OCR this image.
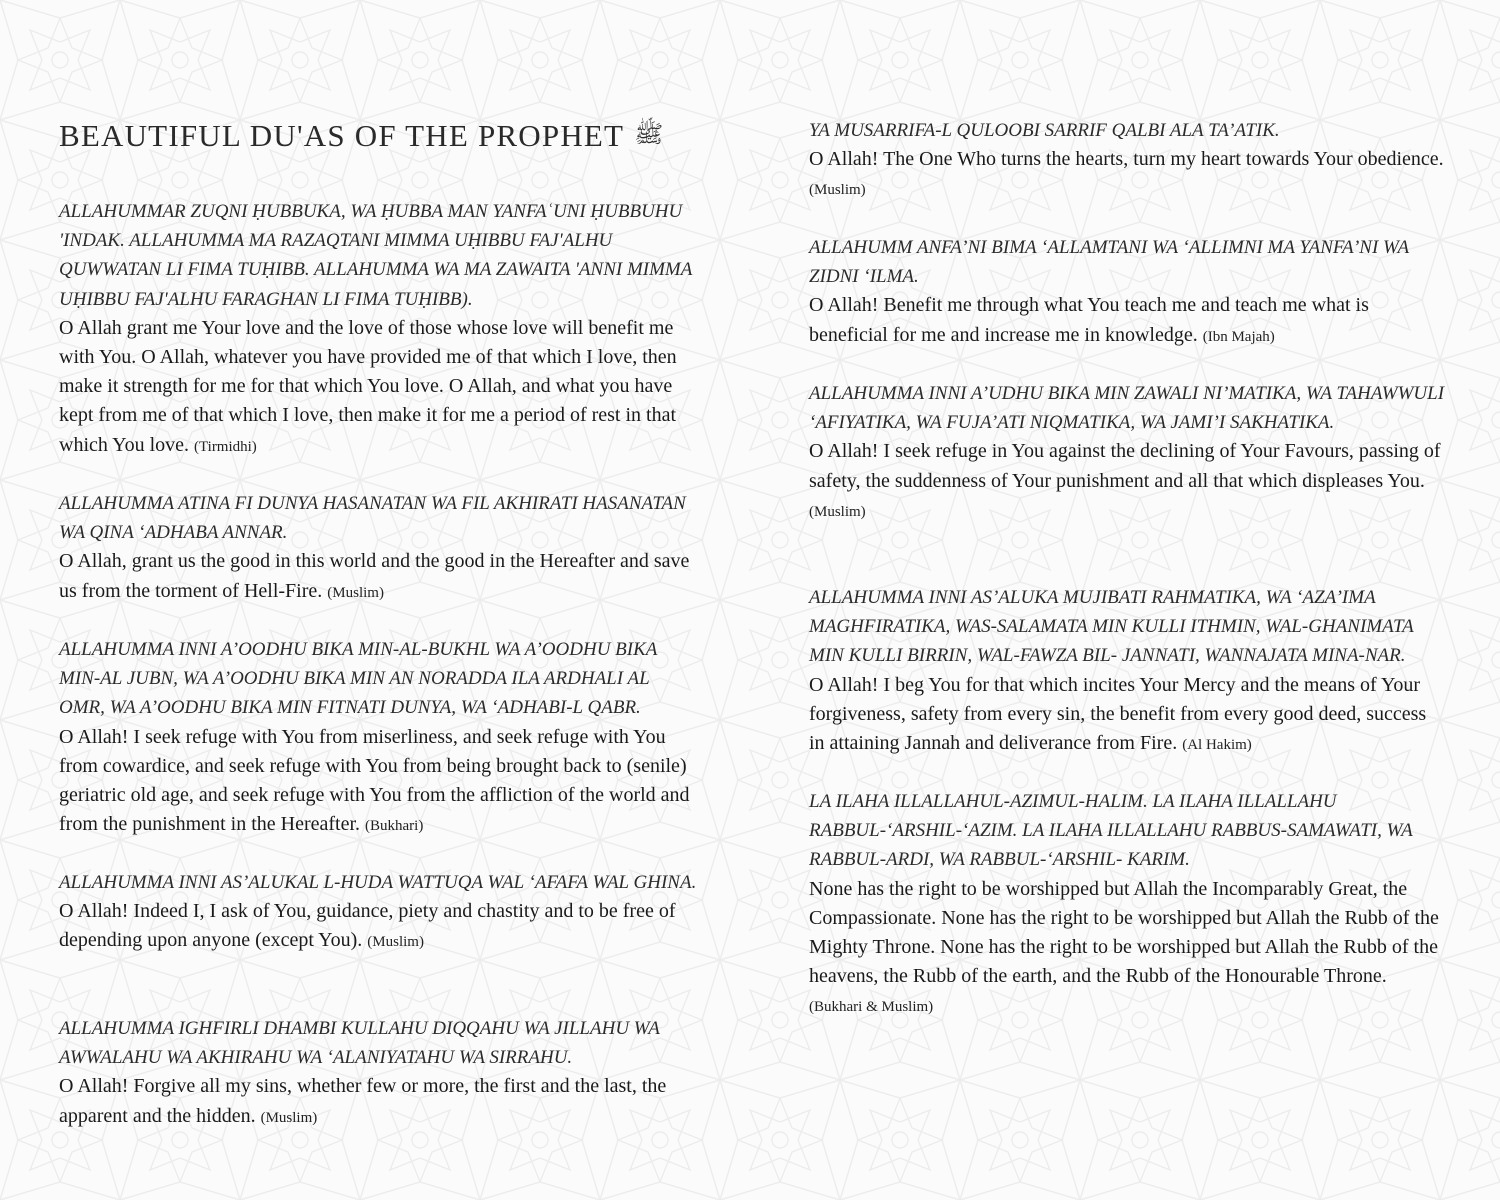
BEAUTIFUL DU'AS OF THE PROPHET ﷺ

ALLAHUMMAR ZUQNI ḤUBBUKA, WA ḤUBBA MAN YANFAʿUNI ḤUBBUHU 'INDAK. ALLAHUMMA MA RAZAQTANI MIMMA UḤIBBU FAJ'ALHU QUWWATAN LI FIMA TUḤIBB. ALLAHUMMA WA MA ZAWAITA 'ANNI MIMMA UḤIBBU FAJ'ALHU FARAGHAN LI FIMA TUḤIBB).

O Allah grant me Your love and the love of those whose love will benefit me with You. O Allah, whatever you have provided me of that which I love, then make it strength for me for that which You love. O Allah, and what you have kept from me of that which I love, then make it for me a period of rest in that which You love. (Tirmidhi)

ALLAHUMMA ATINA FI DUNYA HASANATAN WA FIL AKHIRATI HASANATAN WA QINA ‘ADHABA ANNAR.

O Allah, grant us the good in this world and the good in the Hereafter and save us from the torment of Hell-Fire. (Muslim)

ALLAHUMMA INNI A’OODHU BIKA MIN-AL-BUKHL WA A’OODHU BIKA MIN-AL JUBN, WA A’OODHU BIKA MIN AN NORADDA ILA ARDHALI AL OMR, WA A’OODHU BIKA MIN FITNATI DUNYA, WA ‘ADHABI-L QABR.

O Allah! I seek refuge with You from miserliness, and seek refuge with You from cowardice, and seek refuge with You from being brought back to (senile) geriatric old age, and seek refuge with You from the affliction of the world and from the punishment in the Hereafter. (Bukhari)

ALLAHUMMA INNI AS’ALUKAL L-HUDA WATTUQA WAL ‘AFAFA WAL GHINA.

O Allah! Indeed I, I ask of You, guidance, piety and chastity and to be free of depending upon anyone (except You). (Muslim)

ALLAHUMMA IGHFIRLI DHAMBI KULLAHU DIQQAHU WA JILLAHU WA AWWALAHU WA AKHIRAHU WA ‘ALANIYATAHU WA SIRRAHU.

O Allah! Forgive all my sins, whether few or more, the first and the last, the apparent and the hidden. (Muslim)

YA MUSARRIFA-L QULOOBI SARRIF QALBI ALA TA’ATIK.

O Allah! The One Who turns the hearts, turn my heart towards Your obedience. (Muslim)

ALLAHUMM ANFA’NI BIMA ‘ALLAMTANI WA ‘ALLIMNI MA YANFA’NI WA ZIDNI ‘ILMA.

O Allah! Benefit me through what You teach me and teach me what is beneficial for me and increase me in knowledge. (Ibn Majah)

ALLAHUMMA INNI A’UDHU BIKA MIN ZAWALI NI’MATIKA, WA TAHAWWULI ‘AFIYATIKA, WA FUJA’ATI NIQMATIKA, WA JAMI’I SAKHATIKA.

O Allah! I seek refuge in You against the declining of Your Favours, passing of safety, the suddenness of Your punishment and all that which displeases You. (Muslim)

ALLAHUMMA INNI AS’ALUKA MUJIBATI RAHMATIKA, WA ‘AZA’IMA MAGHFIRATIKA, WAS-SALAMATA MIN KULLI ITHMIN, WAL-GHANIMATA MIN KULLI BIRRIN, WAL-FAWZA BIL- JANNATI, WANNAJATA MINA-NAR.

O Allah! I beg You for that which incites Your Mercy and the means of Your forgiveness, safety from every sin, the benefit from every good deed, success in attaining Jannah and deliverance from Fire. (Al Hakim)

LA ILAHA ILLALLAHUL-AZIMUL-HALIM. LA ILAHA ILLALLAHU RABBUL-‘ARSHIL-‘AZIM. LA ILAHA ILLALLAHU RABBUS-SAMAWATI, WA RABBUL-ARDI, WA RABBUL-‘ARSHIL- KARIM.

None has the right to be worshipped but Allah the Incomparably Great, the Compassionate. None has the right to be worshipped but Allah the Rubb of the Mighty Throne. None has the right to be worshipped but Allah the Rubb of the heavens, the Rubb of the earth, and the Rubb of the Honourable Throne. (Bukhari & Muslim)
